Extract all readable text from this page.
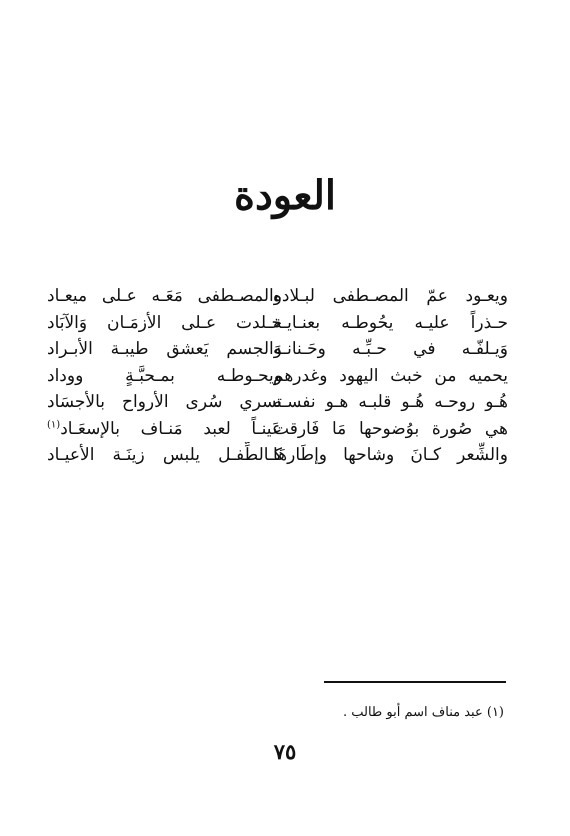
العودة
ويعـود عمّ المصـطفى لبـلاده
حـذراً عليـه يحُوطـه بعنـايـة
وَيـلفّـه في حـبِّـه وحَـنانـه
يحميه من خبث اليهود وغدرهم
هُـو روحـه هُـو قلبـه هـو نفسـه
هي صُورة بوُضوحها مَا فَارقت
والشِّعر كـانَ وشاحها وإطَارهَا
والمصـطفى مَعَـه عـلى ميعـاد
خـلدت عـلى الأزمَـان وَالآبَاد
وَالجسم يَعشق طيبـة الأبـراد
ويحـوطـه بمـحبَّـةٍ ووداد
تسري سُرى الأرواح بالأجسَاد
عَينـاً لعبد مَنـاف بالإسعَـاد$^{(١)}$
كـالطِّفـل يلبس زينَـة الأعيـاد
(١) عبد مناف اسم أبو طالب .
٧٥
